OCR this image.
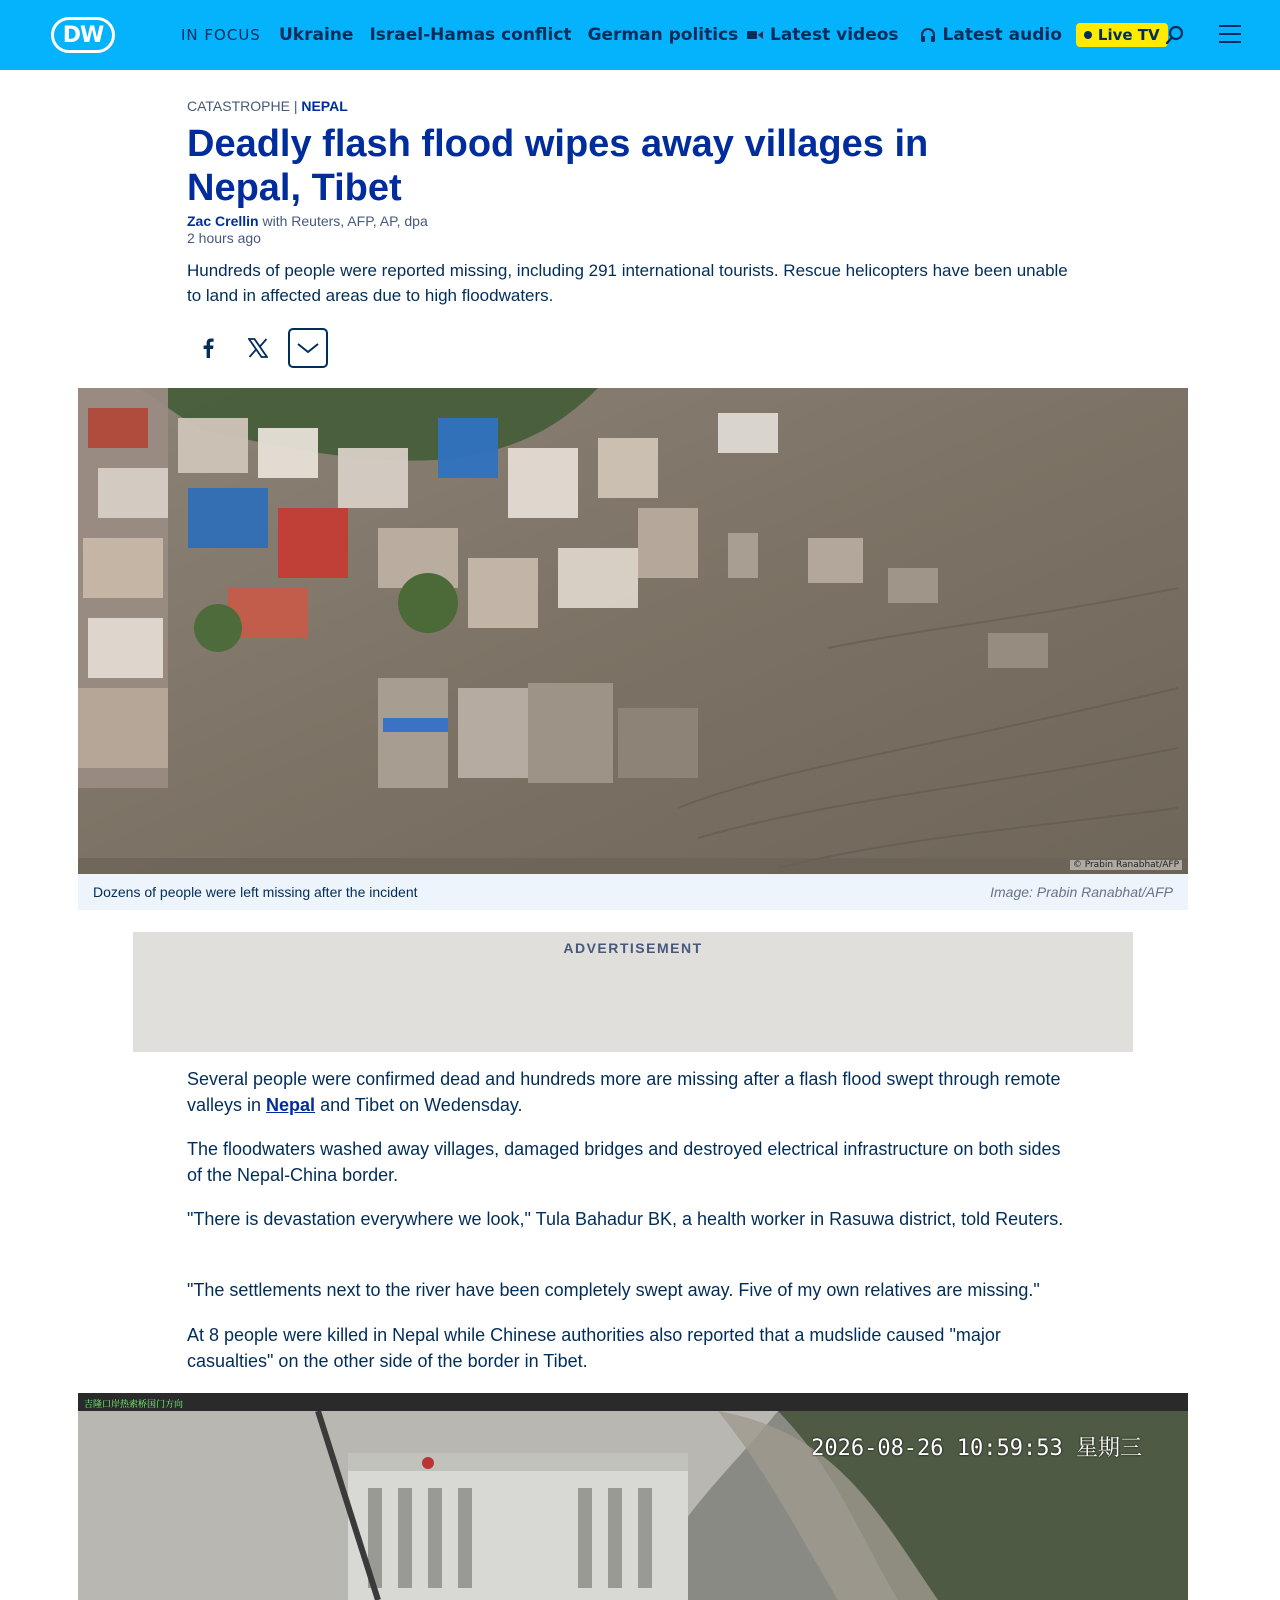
DW	IN FOCUS Ukraine Israel-Hamas conflict German politics Latest videos	Latest audio Live TV
CATASTROPHE | NEPAL
Deadly flash flood wipes away villages in Nepal, Tibet
Zac Crellin with Reuters, AFP, AP, dpa
2 hours ago

Hundreds of people were reported missing, including 291 international tourists. Rescue helicopters have been unable to land in affected areas due to high floodwaters.

© Prabin Ranabhat/AFP
Dozens of people were left missing after the incident	Image: Prabin Ranabhat/AFP
ADVERTISEMENT

Several people were confirmed dead and hundreds more are missing after a flash flood swept through remote valleys in Nepal and Tibet on Wedensday.

The floodwaters washed away villages, damaged bridges and destroyed electrical infrastructure on both sides of the Nepal-China border.

"There is devastation everywhere we look," Tula Bahadur BK, a health worker in Rasuwa district, told Reuters.

"The settlements next to the river have been completely swept away. Five of my own relatives are missing."

At 8 people were killed in Nepal while Chinese authorities also reported that a mudslide caused "major casualties" on the other side of the border in Tibet.

吉隆口岸热索桥国门方向
2026-08-26 10:59:53 星期三
